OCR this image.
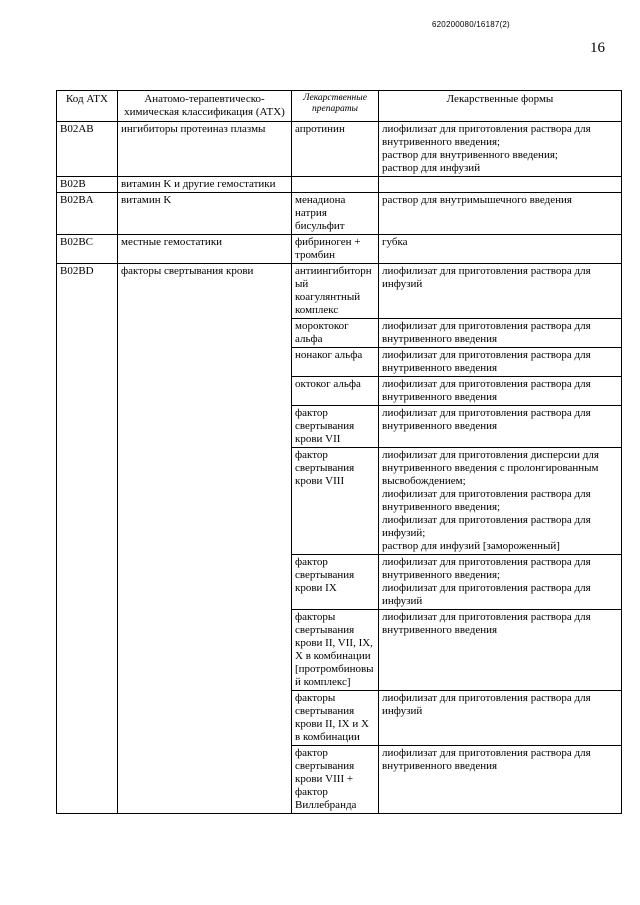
620200080/16187(2)
16
Код АТХ	Анатомо-терапевтическо-химическая классификация (АТХ)	Лекарственные препараты	Лекарственные формы
B02AB	ингибиторы протеиназ плазмы	апротинин	лиофилизат для приготовления раствора для внутривенного введения;
раствор для внутривенного введения;
раствор для инфузий
B02B	витамин K и другие гемостатики		
B02BA	витамин K	менадиона натрия бисульфит	раствор для внутримышечного введения
B02BC	местные гемостатики	фибриноген + тромбин	губка
B02BD	факторы свертывания крови	антиингибиторный коагулянтный комплекс	лиофилизат для приготовления раствора для инфузий
		мороктоког альфа	лиофилизат для приготовления раствора для внутривенного введения
		нонаког альфа	лиофилизат для приготовления раствора для внутривенного введения
		октоког альфа	лиофилизат для приготовления раствора для внутривенного введения
		фактор свертывания крови VII	лиофилизат для приготовления раствора для внутривенного введения
		фактор свертывания крови VIII	лиофилизат для приготовления дисперсии для внутривенного введения с пролонгированным высвобождением;
лиофилизат для приготовления раствора для внутривенного введения;
лиофилизат для приготовления раствора для инфузий;
раствор для инфузий [замороженный]
		фактор свертывания крови IX	лиофилизат для приготовления раствора для внутривенного введения;
лиофилизат для приготовления раствора для инфузий
		факторы свертывания крови II, VII, IX, X в комбинации [протромбиновый комплекс]	лиофилизат для приготовления раствора для внутривенного введения
		факторы свертывания крови II, IX и X в комбинации	лиофилизат для приготовления раствора для инфузий
		фактор свертывания крови VIII + фактор Виллебранда	лиофилизат для приготовления раствора для внутривенного введения
